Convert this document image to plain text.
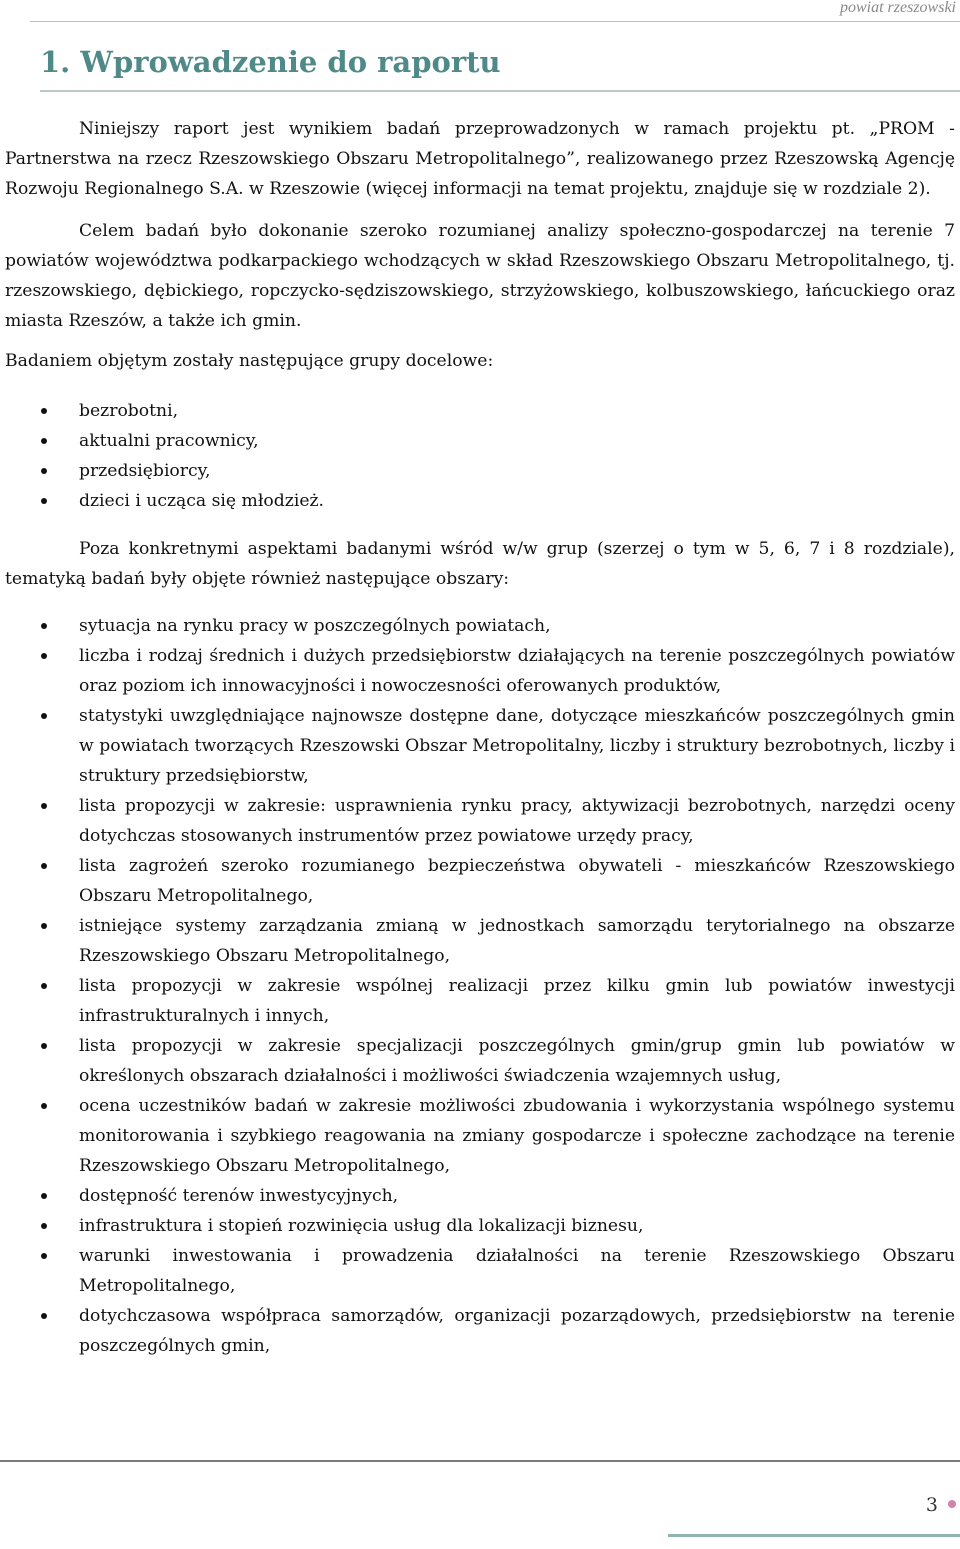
powiat rzeszowski
1. Wprowadzenie do raportu

Niniejszy raport jest wynikiem badań przeprowadzonych w ramach projektu pt. „PROM - Partnerstwa na rzecz Rzeszowskiego Obszaru Metropolitalnego”, realizowanego przez Rzeszowską Agencję Rozwoju Regionalnego S.A. w Rzeszowie (więcej informacji na temat projektu, znajduje się w rozdziale 2).

Celem badań było dokonanie szeroko rozumianej analizy społeczno-gospodarczej na terenie 7 powiatów województwa podkarpackiego wchodzących w skład Rzeszowskiego Obszaru Metropolitalnego, tj. rzeszowskiego, dębickiego, ropczycko-sędziszowskiego, strzyżowskiego, kolbuszowskiego, łańcuckiego oraz miasta Rzeszów, a także ich gmin.

Badaniem objętym zostały następujące grupy docelowe:

bezrobotni,
aktualni pracownicy,
przedsiębiorcy,
dzieci i ucząca się młodzież.

Poza konkretnymi aspektami badanymi wśród w/w grup (szerzej o tym w 5, 6, 7 i 8 rozdziale), tematyką badań były objęte również następujące obszary:

sytuacja na rynku pracy w poszczególnych powiatach,
liczba i rodzaj średnich i dużych przedsiębiorstw działających na terenie poszczególnych powiatów oraz poziom ich innowacyjności i nowoczesności oferowanych produktów,
statystyki uwzględniające najnowsze dostępne dane, dotyczące mieszkańców poszczególnych gmin w powiatach tworzących Rzeszowski Obszar Metropolitalny, liczby i struktury bezrobotnych, liczby i struktury przedsiębiorstw,
lista propozycji w zakresie: usprawnienia rynku pracy, aktywizacji bezrobotnych, narzędzi oceny dotychczas stosowanych instrumentów przez powiatowe urzędy pracy,
lista zagrożeń szeroko rozumianego bezpieczeństwa obywateli - mieszkańców Rzeszowskiego Obszaru Metropolitalnego,
istniejące systemy zarządzania zmianą w jednostkach samorządu terytorialnego na obszarze Rzeszowskiego Obszaru Metropolitalnego,
lista propozycji w zakresie wspólnej realizacji przez kilku gmin lub powiatów inwestycji infrastrukturalnych i innych,
lista propozycji w zakresie specjalizacji poszczególnych gmin/grup gmin lub powiatów w określonych obszarach działalności i możliwości świadczenia wzajemnych usług,
ocena uczestników badań w zakresie możliwości zbudowania i wykorzystania wspólnego systemu monitorowania i szybkiego reagowania na zmiany gospodarcze i społeczne zachodzące na terenie Rzeszowskiego Obszaru Metropolitalnego,
dostępność terenów inwestycyjnych,
infrastruktura i stopień rozwinięcia usług dla lokalizacji biznesu,
warunki inwestowania i prowadzenia działalności na terenie Rzeszowskiego Obszaru Metropolitalnego,
dotychczasowa współpraca samorządów, organizacji pozarządowych, przedsiębiorstw na terenie poszczególnych gmin,
3
